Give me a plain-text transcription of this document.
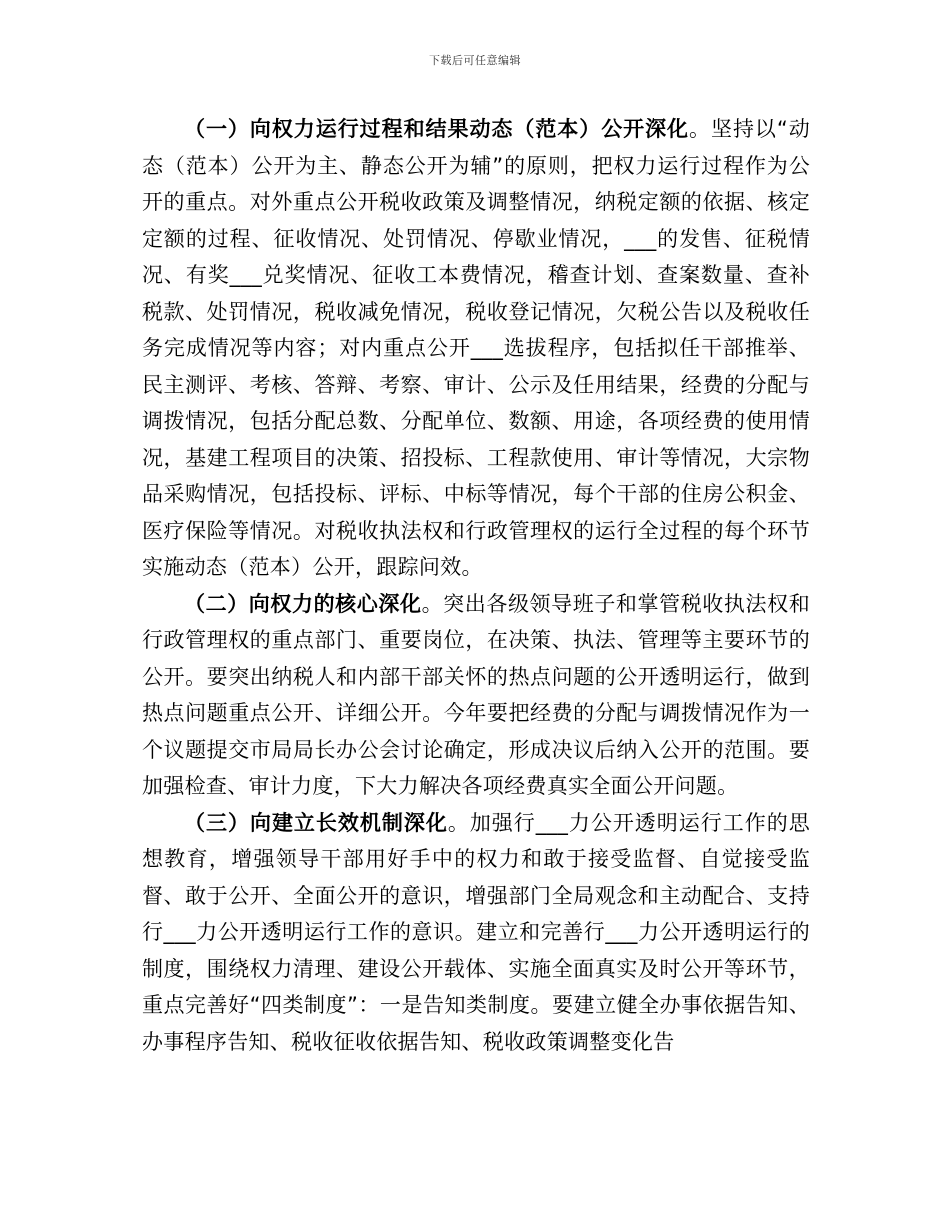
下载后可任意编辑

（一）向权力运行过程和结果动态（范本）公开深化。坚持以“动态（范本）公开为主、静态公开为辅”的原则，把权力运行过程作为公开的重点。对外重点公开税收政策及调整情况，纳税定额的依据、核定定额的过程、征收情况、处罚情况、停歇业情况，___的发售、征税情况、有奖___兑奖情况、征收工本费情况，稽查计划、查案数量、查补税款、处罚情况，税收减免情况，税收登记情况，欠税公告以及税收任务完成情况等内容；对内重点公开___选拔程序，包括拟任干部推举、民主测评、考核、答辩、考察、审计、公示及任用结果，经费的分配与调拨情况，包括分配总数、分配单位、数额、用途，各项经费的使用情况，基建工程项目的决策、招投标、工程款使用、审计等情况，大宗物品采购情况，包括投标、评标、中标等情况，每个干部的住房公积金、医疗保险等情况。对税收执法权和行政管理权的运行全过程的每个环节实施动态（范本）公开，跟踪问效。

（二）向权力的核心深化。突出各级领导班子和掌管税收执法权和行政管理权的重点部门、重要岗位，在决策、执法、管理等主要环节的公开。要突出纳税人和内部干部关怀的热点问题的公开透明运行，做到热点问题重点公开、详细公开。今年要把经费的分配与调拨情况作为一个议题提交市局局长办公会讨论确定，形成决议后纳入公开的范围。要加强检查、审计力度，下大力解决各项经费真实全面公开问题。

（三）向建立长效机制深化。加强行___力公开透明运行工作的思想教育，增强领导干部用好手中的权力和敢于接受监督、自觉接受监督、敢于公开、全面公开的意识，增强部门全局观念和主动配合、支持行___力公开透明运行工作的意识。建立和完善行___力公开透明运行的制度，围绕权力清理、建设公开载体、实施全面真实及时公开等环节，重点完善好“四类制度”：一是告知类制度。要建立健全办事依据告知、办事程序告知、税收征收依据告知、税收政策调整变化告
